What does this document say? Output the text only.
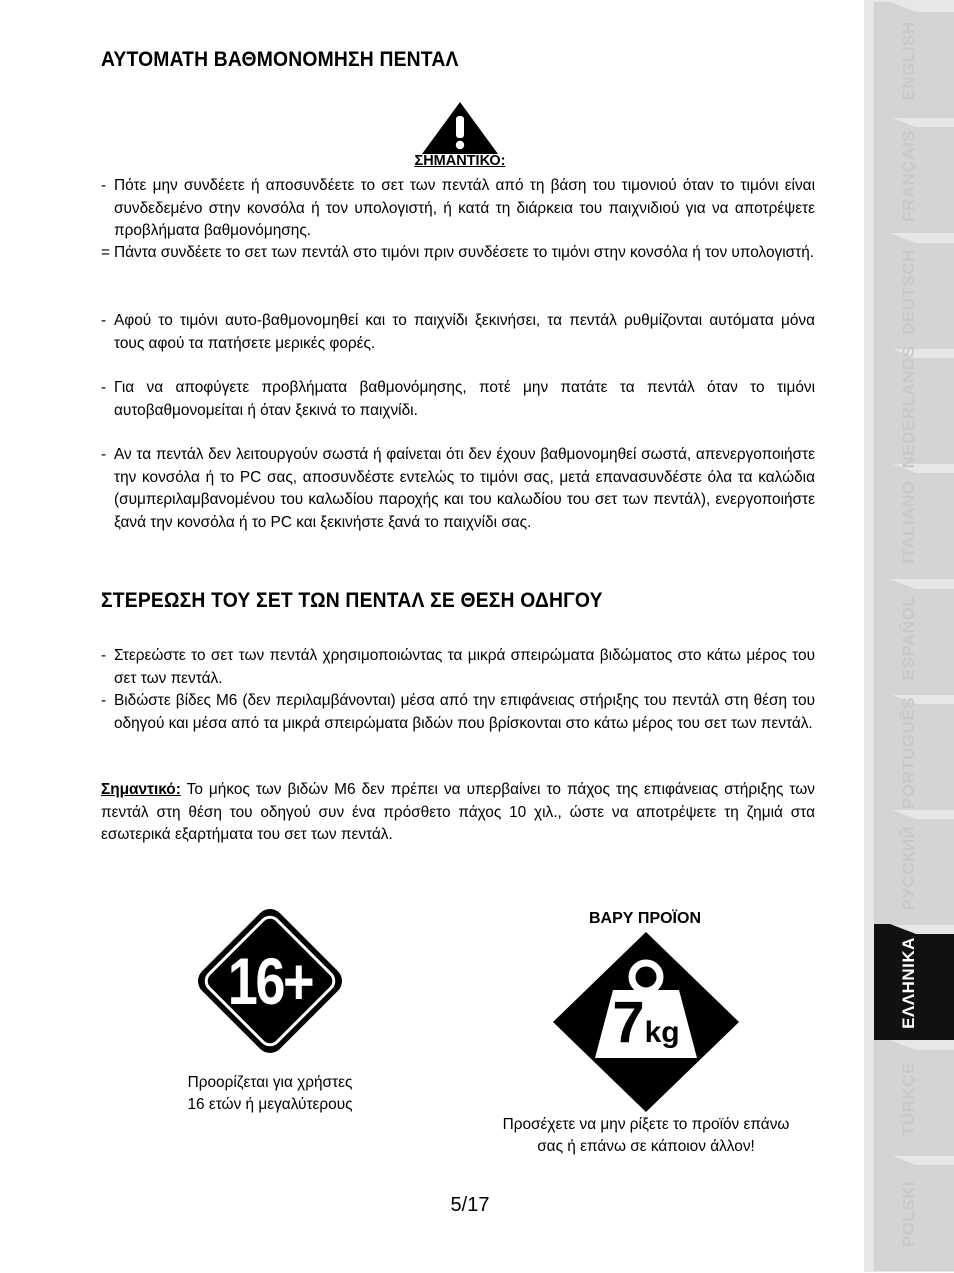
ΑΥΤΟΜΑΤΗ ΒΑΘΜΟΝΟΜΗΣΗ ΠΕΝΤΑΛ
ΣΗΜΑΝΤΙΚΟ:
- Πότε μην συνδέετε ή αποσυνδέετε το σετ των πεντάλ από τη βάση του τιμονιού όταν το τιμόνι είναι συνδεδεμένο στην κονσόλα ή τον υπολογιστή, ή κατά τη διάρκεια του παιχνιδιού για να αποτρέψετε προβλήματα βαθμονόμησης.
= Πάντα συνδέετε το σετ των πεντάλ στο τιμόνι πριν συνδέσετε το τιμόνι στην κονσόλα ή τον υπολογιστή.
- Αφού το τιμόνι αυτο-βαθμονομηθεί και το παιχνίδι ξεκινήσει, τα πεντάλ ρυθμίζονται αυτόματα μόνα τους αφού τα πατήσετε μερικές φορές.
- Για να αποφύγετε προβλήματα βαθμονόμησης, ποτέ μην πατάτε τα πεντάλ όταν το τιμόνι αυτοβαθμονομείται ή όταν ξεκινά το παιχνίδι.
- Αν τα πεντάλ δεν λειτουργούν σωστά ή φαίνεται ότι δεν έχουν βαθμονομηθεί σωστά, απενεργοποιήστε την κονσόλα ή το PC σας, αποσυνδέστε εντελώς το τιμόνι σας, μετά επανασυνδέστε όλα τα καλώδια (συμπεριλαμβανομένου του καλωδίου παροχής και του καλωδίου του σετ των πεντάλ), ενεργοποιήστε ξανά την κονσόλα ή το PC και ξεκινήστε ξανά το παιχνίδι σας.
ΣΤΕΡΕΩΣΗ ΤΟΥ ΣΕΤ ΤΩΝ ΠΕΝΤΑΛ ΣΕ ΘΕΣΗ ΟΔΗΓΟΥ
- Στερεώστε το σετ των πεντάλ χρησιμοποιώντας τα μικρά σπειρώματα βιδώματος στο κάτω μέρος του σετ των πεντάλ.
- Βιδώστε βίδες M6 (δεν περιλαμβάνονται) μέσα από την επιφάνειας στήριξης του πεντάλ στη θέση του οδηγού και μέσα από τα μικρά σπειρώματα βιδών που βρίσκονται στο κάτω μέρος του σετ των πεντάλ.

Σημαντικό: Το μήκος των βιδών M6 δεν πρέπει να υπερβαίνει το πάχος της επιφάνειας στήριξης των πεντάλ στη θέση του οδηγού συν ένα πρόσθετο πάχος 10 χιλ., ώστε να αποτρέψετε τη ζημιά στα εσωτερικά εξαρτήματα του σετ των πεντάλ.

16+
Προορίζεται για χρήστες
16 ετών ή μεγαλύτερους
ΒΑΡΥ ΠΡΟΪΟΝ
7kg
Προσέχετε να μην ρίξετε το προϊόν επάνω
σας ή επάνω σε κάποιον άλλον!
5/17
ENGLISH
FRANÇAIS
DEUTSCH
NEDERLANDS
ITALIANO
ESPAÑOL
PORTUGUÊS
РУССКИЙ
ΕΛΛΗΝΙΚΑ
TÜRKÇE
POLSKI
